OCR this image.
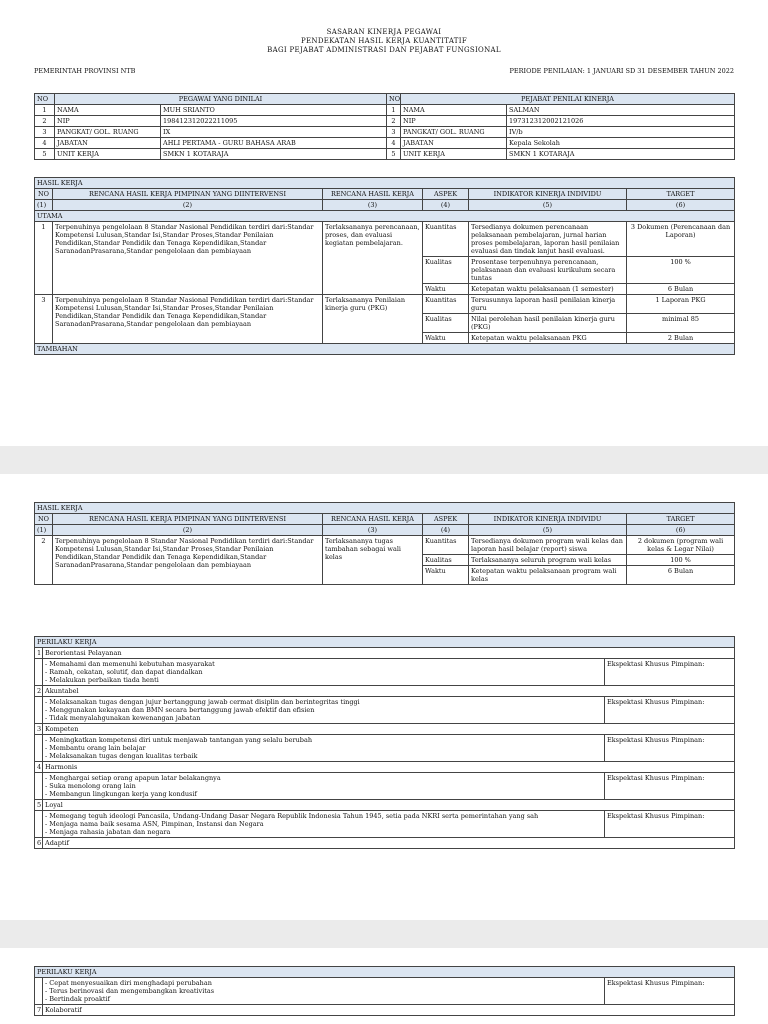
SASARAN KINERJA PEGAWAI
PENDEKATAN HASIL KERJA KUANTITATIF
BAGI PEJABAT ADMINISTRASI DAN PEJABAT FUNGSIONAL
PEMERINTAH PROVINSI NTB	PERIODE PENILAIAN: 1 JANUARI SD 31 DESEMBER TAHUN 2022
NO	PEGAWAI YANG DINILAI		NO	PEJABAT PENILAI KINERJA	
1	NAMA	MUH SRIANTO	1	NAMA	SALMAN
2	NIP	198412312022211095	2	NIP	197312312002121026
3	PANGKAT/ GOL. RUANG	IX	3	PANGKAT/ GOL. RUANG	IV/b
4	JABATAN	AHLI PERTAMA - GURU BAHASA ARAB	4	JABATAN	Kepala Sekolah
5	UNIT KERJA	SMKN 1 KOTARAJA	5	UNIT KERJA	SMKN 1 KOTARAJA
HASIL KERJA					
NO	RENCANA HASIL KERJA PIMPINAN YANG DIINTERVENSI	RENCANA HASIL KERJA	ASPEK	INDIKATOR KINERJA INDIVIDU	TARGET
(1)	(2)	(3)	(4)	(5)	(6)
UTAMA					
1	Terpenuhinya pengelolaan 8 Standar Nasional Pendidikan terdiri dari:Standar Kompetensi Lulusan,Standar Isi,Standar Proses,Standar Penilaian Pendidikan,Standar Pendidik dan Tenaga Kependidikan,Standar SaranadanPrasarana,Standar pengelolaan dan pembiayaan	Terlaksananya perencanaan, proses, dan evaluasi kegiatan pembelajaran.	Kuantitas	Tersedianya dokumen perencanaan pelaksanaan pembelajaran, jurnal harian proses pembelajaran, laporan hasil penilaian evaluasi dan tindak lanjut hasil evaluasi.	3 Dokumen (Perencanaan dan Laporan)
			Kualitas	Prosentase terpenuhnya perencanaan, pelaksanaan dan evaluasi kurikulum secara tuntas	100 %
			Waktu	Ketepatan waktu pelaksanaan (1 semester)	6 Bulan
3	Terpenuhinya pengelolaan 8 Standar Nasional Pendidikan terdiri dari:Standar Kompetensi Lulusan,Standar Isi,Standar Proses,Standar Penilaian Pendidikan,Standar Pendidik dan Tenaga Kependidikan,Standar SaranadanPrasarana,Standar pengelolaan dan pembiayaan	Terlaksananya Penilaian kinerja guru (PKG)	Kuantitas	Tersusunnya laporan hasil penilaian kinerja guru	1 Laporan PKG
			Kualitas	Nilai perolehan hasil penilaian kinerja guru (PKG)	minimal 85
			Waktu	Ketepatan waktu pelaksanaan PKG	2 Bulan
TAMBAHAN					
HASIL KERJA					
NO	RENCANA HASIL KERJA PIMPINAN YANG DIINTERVENSI	RENCANA HASIL KERJA	ASPEK	INDIKATOR KINERJA INDIVIDU	TARGET
(1)	(2)	(3)	(4)	(5)	(6)
2	Terpenuhinya pengelolaan 8 Standar Nasional Pendidikan terdiri dari:Standar Kompetensi Lulusan,Standar Isi,Standar Proses,Standar Penilaian Pendidikan,Standar Pendidik dan Tenaga Kependidikan,Standar SaranadanPrasarana,Standar pengelolaan dan pembiayaan	Terlaksananya tugas tambahan sebagai wali kelas	Kuantitas	Tersedianya dokumen program wali kelas dan laporan hasil belajar (report) siswa	2 dokumen (program wali kelas & Legar Nilai)
			Kualitas	Terlaksananya seluruh program wali kelas	100 %
			Waktu	Ketepatan waktu pelaksanaan program wali kelas	6 Bulan
PERILAKU KERJA		
1	Berorientasi Pelayanan	

	- Memahami dan memenuhi kebutuhan masyarakat
- Ramah, cekatan, solutif, dan dapat diandalkan
- Melakukan perbaikan tiada henti	Ekspektasi Khusus Pimpinan:
2	Akuntabel	

	- Melaksanakan tugas dengan jujur bertanggung jawab cermat disiplin dan berintegritas tinggi
- Menggunakan kekayaan dan BMN secara bertanggung jawab efektif dan efisien
- Tidak menyalahgunakan kewenangan jabatan	Ekspektasi Khusus Pimpinan:
3	Kompeten	

	- Meningkatkan kompetensi diri untuk menjawab tantangan yang selalu berubah
- Membantu orang lain belajar
- Melaksanakan tugas dengan kualitas terbaik	Ekspektasi Khusus Pimpinan:
4	Harmonis	

	- Menghargai setiap orang apapun latar belakangnya
- Suka menolong orang lain
- Membangun lingkungan kerja yang kondusif	Ekspektasi Khusus Pimpinan:
5	Loyal	

	- Memegang teguh ideologi Pancasila, Undang-Undang Dasar Negara Republik Indonesia Tahun 1945, setia pada NKRI serta pemerintahan yang sah
- Menjaga nama baik sesama ASN, Pimpinan, Instansi dan Negara
- Menjaga rahasia jabatan dan negara	Ekspektasi Khusus Pimpinan:
6	Adaptif	
PERILAKU KERJA		

	- Cepat menyesuaikan diri menghadapi perubahan
- Terus berinovasi dan mengembangkan kreativitas
- Bertindak proaktif	Ekspektasi Khusus Pimpinan:
7	Kolaboratif	
